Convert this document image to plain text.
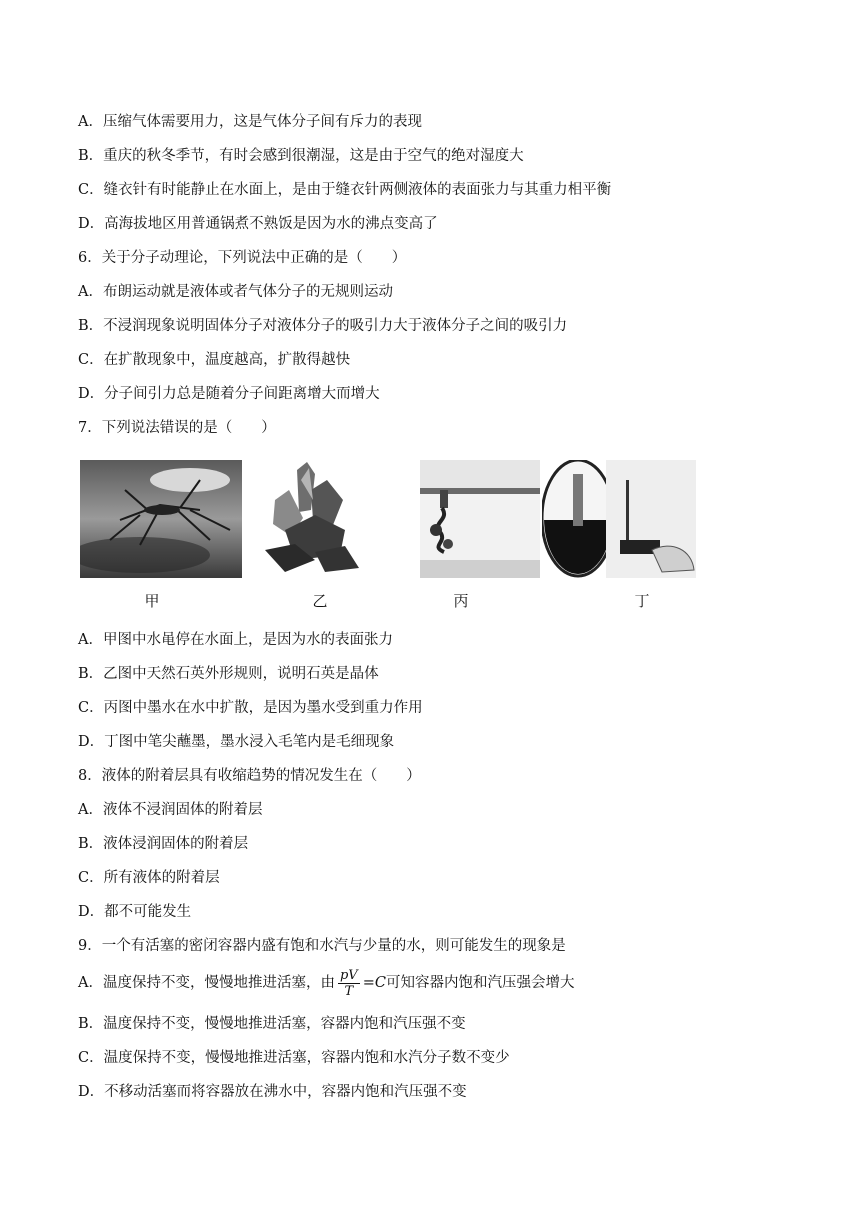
A．压缩气体需要用力，这是气体分子间有斥力的表现
B．重庆的秋冬季节，有时会感到很潮湿，这是由于空气的绝对湿度大
C．缝衣针有时能静止在水面上，是由于缝衣针两侧液体的表面张力与其重力相平衡
D．高海拔地区用普通锅煮不熟饭是因为水的沸点变高了
6．关于分子动理论，下列说法中正确的是（　　）
A．布朗运动就是液体或者气体分子的无规则运动
B．不浸润现象说明固体分子对液体分子的吸引力大于液体分子之间的吸引力
C．在扩散现象中，温度越高，扩散得越快
D．分子间引力总是随着分子间距离增大而增大
7．下列说法错误的是（　　）
甲	乙	丙	丁
A．甲图中水黾停在水面上，是因为水的表面张力
B．乙图中天然石英外形规则，说明石英是晶体
C．丙图中墨水在水中扩散，是因为墨水受到重力作用
D．丁图中笔尖蘸墨，墨水浸入毛笔内是毛细现象
8．液体的附着层具有收缩趋势的情况发生在（　　）
A．液体不浸润固体的附着层
B．液体浸润固体的附着层
C．所有液体的附着层
D．都不可能发生
9．一个有活塞的密闭容器内盛有饱和水汽与少量的水，则可能发生的现象是
A．温度保持不变，慢慢地推进活塞，由 $\frac{pV}{T} =C$可知容器内饱和汽压强会增大
B．温度保持不变，慢慢地推进活塞，容器内饱和汽压强不变
C．温度保持不变，慢慢地推进活塞，容器内饱和水汽分子数不变少
D．不移动活塞而将容器放在沸水中，容器内饱和汽压强不变
